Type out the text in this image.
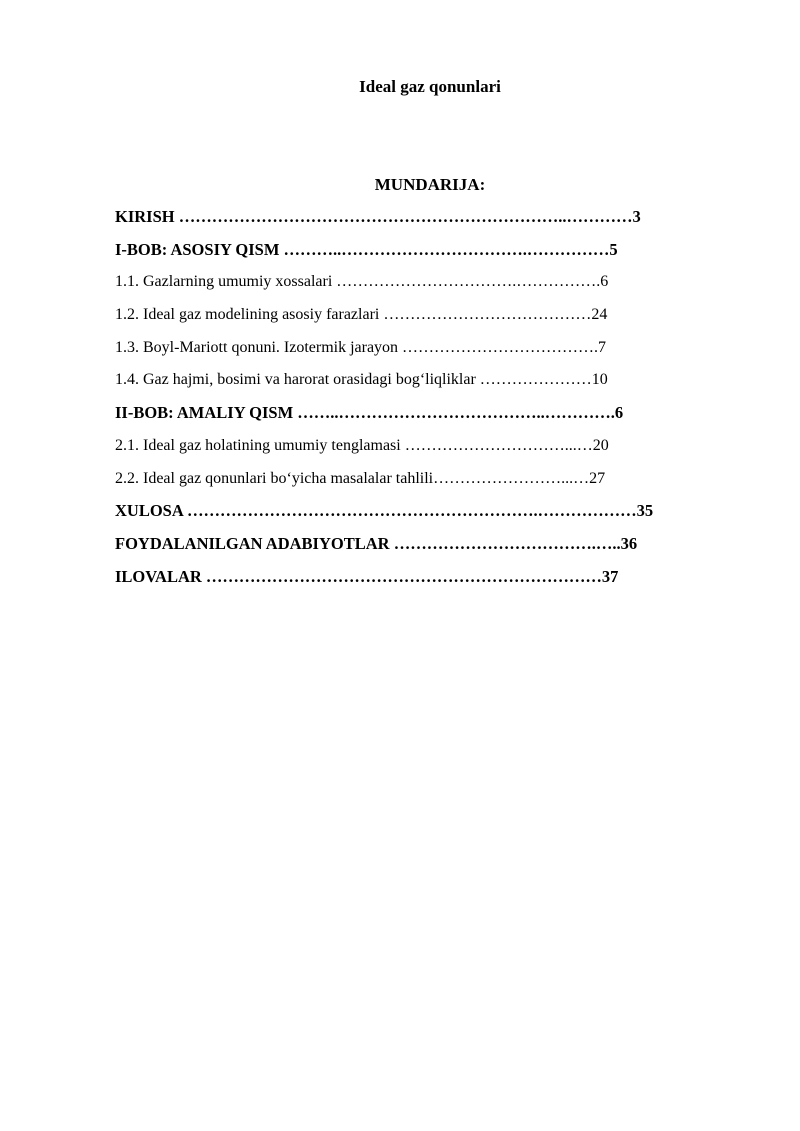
Ideal gaz qonunlari
MUNDARIJA:
KIRISH ……………………………………………………………..…………3
I-BOB: ASOSIY QISM ………..…………………………….……………5
1.1. Gazlarning umumiy xossalari …………………………….…………….6
1.2. Ideal gaz modelining asosiy farazlari …………………………………24
1.3. Boyl-Mariott qonuni. Izotermik jarayon ……………………………….7
1.4. Gaz hajmi, bosimi va harorat orasidagi bog‘liqliklar …………………10
II-BOB: AMALIY QISM ……..………………………………..………….6
2.1. Ideal gaz holatining umumiy tenglamasi …………………………...…20
2.2. Ideal gaz qonunlari bo‘yicha masalalar tahlili……………………...…27
XULOSA ……………………………………………………….………………35
FOYDALANILGAN ADABIYOTLAR ……………………………….…..36
ILOVALAR ………………………………………………………………37
